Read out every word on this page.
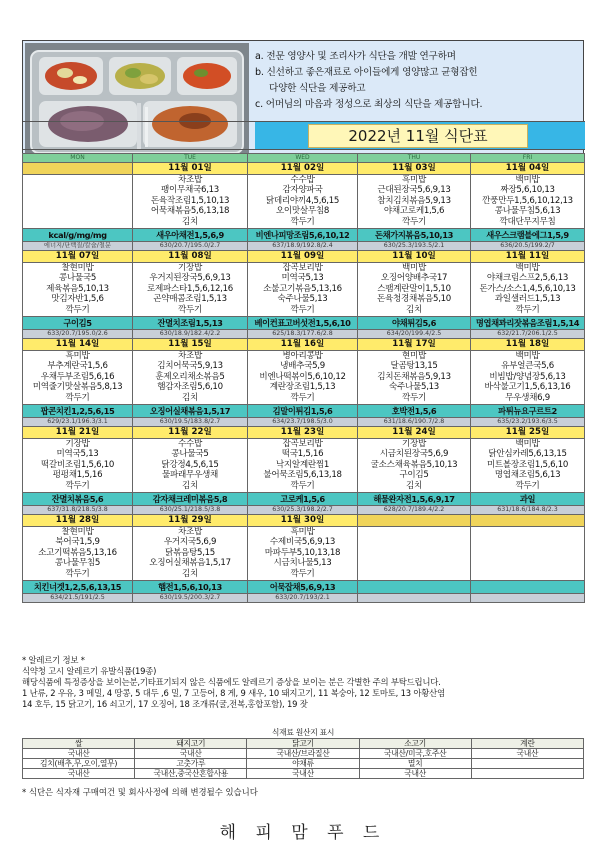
a. 전문 영양사 및 조리사가 식단을 개발 연구하며
b. 신선하고 좋은재료로 아이들에게 영양많고 균형잡힌
다양한 식단을 제공하고
c. 어머님의 마음과 정성으로 최상의 식단을 제공합니다.
2022년 11월 식단표
MON	TUE	WED	THU	FRI
	11월 01일	11월 02일	11월 03일	11월 04일

	차조밥
팽이무채국6,13
돈육작조림1,5,10,13
어묵채볶음5,6,13,18
김치	수수밥
감자양파국
닭데리야끼4,5,6,15
오이맛살무침8
깍두기	흑미밥
근대된장국5,6,9,13
참치김치볶음5,9,13
야채고로케1,5,6
깍두기	백미밥
짜장5,6,10,13
깐풍만두1,5,6,10,12,13
콩나물무침5,6,13
깍대단무지무침

kcal/g/mg/mg	새우아채전1,5,6,9	비엔나피망조림5,6,10,12	돈채가지볶음5,10,13	새우스크램블에그1,5,9
에너지/단백질/칼슘/철분	630/20.7/195.0/2.7	637/18.9/192.8/2.4	630/25.3/193.5/2.1	636/20.5/199.2/7
11월 07일	11월 08일	11월 09일	11월 10일	11월 11일

찰현미밥
콩나물국5
제육볶음5,10,13
맛김자반1,5,6
깍두기	기장밥
우거지된장국5,6,9,13
로제파스타1,5,6,12,16
곤약매콤조림1,5,13
깍두기	잡곡보리밥
미역국5,13
소불고기볶음5,13,16
숙주나물5,13
깍두기	백미밥
오징어양배추국17
스팸계란말이1,5,10
돈육청경채볶음5,10
김치	백미밥
야채크림스프2,5,6,13
돈가스/소스1,4,5,6,10,13
과일샐러드1,5,13
깍두기

구이김5	잔멸치조림1,5,13	베이컨표고버섯전1,5,6,10	야채튀김5,6	명엽채꽈리잣볶음조림1,5,14
633/20.7/195.0/2.6	630/18.9/182.4/2.2	625/18.3/177.6/2.8	634/20/199.4/2.5	632/21.7/206.1/2.5
11월 14일	11월 15일	11월 16일	11월 17일	11월 18일

흑미밥
부추계란국1,5,6
우채두부조림5,6,16
미역줄기맛살볶음5,8,13
깍두기	차조밥
김치어묵국5,9,13
훈제오리채소볶음5
햄감자조림5,6,10
김치	병아리콩밥
냉배추국5,9
비엔나떡볶이5,6,10,12
계란장조림1,5,13
깍두기	현미밥
달곰탕13,15
김치돈채볶음5,9,13
숙주나물5,13
깍두기	백미밥
유부얼큰국5,6
비빔밥/양념장5,6,13
바삭불고기1,5,6,13,16
무우생채6,9

팝콘치킨1,2,5,6,15	오징어실채볶음1,5,17	김말이튀김1,5,6	호박전1,5,6	파튀뉴요구르트2
629/23.1/196.3/3.1	630/19.5/183.8/2.7	634/23.7/198.5/3.0	631/18.6/190.7/2.8	635/23.2/193.6/3.5
11월 21일	11월 22일	11월 23일	11월 24일	11월 25일

기장밥
미역국5,13
떡갈비조림1,5,6,10
펑펑채1,5,16
깍두기	수수밥
콩나물국5
닭강정4,5,6,15
물파래무우생채
김치	잡곡보리밥
떡국1,5,16
낙지알계란찜1
불어묵조림5,6,13,18
깍두기	기장밥
시금치된장국5,6,9
굴소스채육볶음5,10,13
구이김5
김치	백미밥
닭안심카레5,6,13,15
미트볼장조림1,5,6,10
명엽채조림5,6,13
깍두기

잔멸치볶음5,6	감자채크레미볶음5,8	고로케1,5,6	해물완자전1,5,6,9,17	과일
637/31.8/218.5/3.8	630/25.1/218.5/3.8	630/25.3/198.2/2.7	628/20.7/189.4/2.2	631/18.6/184.8/2.3
11월 28일	11월 29일	11월 30일		

찰현미밥
북어국1,5,9
소고기떡볶음5,13,16
콩나물무침5
깍두기	차조밥
우거지국5,6,9
닭볶음탕5,15
오징어실채볶음1,5,17
김치	흑미밥
수제비국5,6,9,13
마파두부5,10,13,18
시금치나물5,13
깍두기		

치킨너겟1,2,5,6,13,15	햄전1,5,6,10,13	어묵잡채5,6,9,13		
634/21.5/191/2.5	630/19.5/200.3/2.7	633/20.7/193/2.1		
* 알레르기 정보 *
식약청 고시 알레르기 유발식품(19종)
해당식품에 특정증상을 보이는분,기타표기되지 않은 식품에도 알레르기 증상을 보이는 분은 각별한 주의 부탁드립니다.
1 난류, 2 우유, 3 메밀, 4 땅콩, 5 대두 ,6 밀, 7 고등어, 8 게, 9 새우, 10 돼지고기, 11 복숭아, 12 토마토, 13 아황산염
14 호두, 15 닭고기, 16 쇠고기, 17 오징어, 18 조개류(굴,전복,홍합포함), 19 잣
식재료 원산지 표시				
쌀	돼지고기	닭고기	소고기	계란
국내산	국내산	국내산/브라질산	국내산/미국,호주산	국내산
김치(배추,무,오이,열무)	고춧가루	야채류	멸치	
국내산	국내산,중국산혼합사용	국내산	국내산	
* 식단은 식자재 구매여건 및 회사사정에 의해 변경될수 있습니다
해 피 맘 푸 드
